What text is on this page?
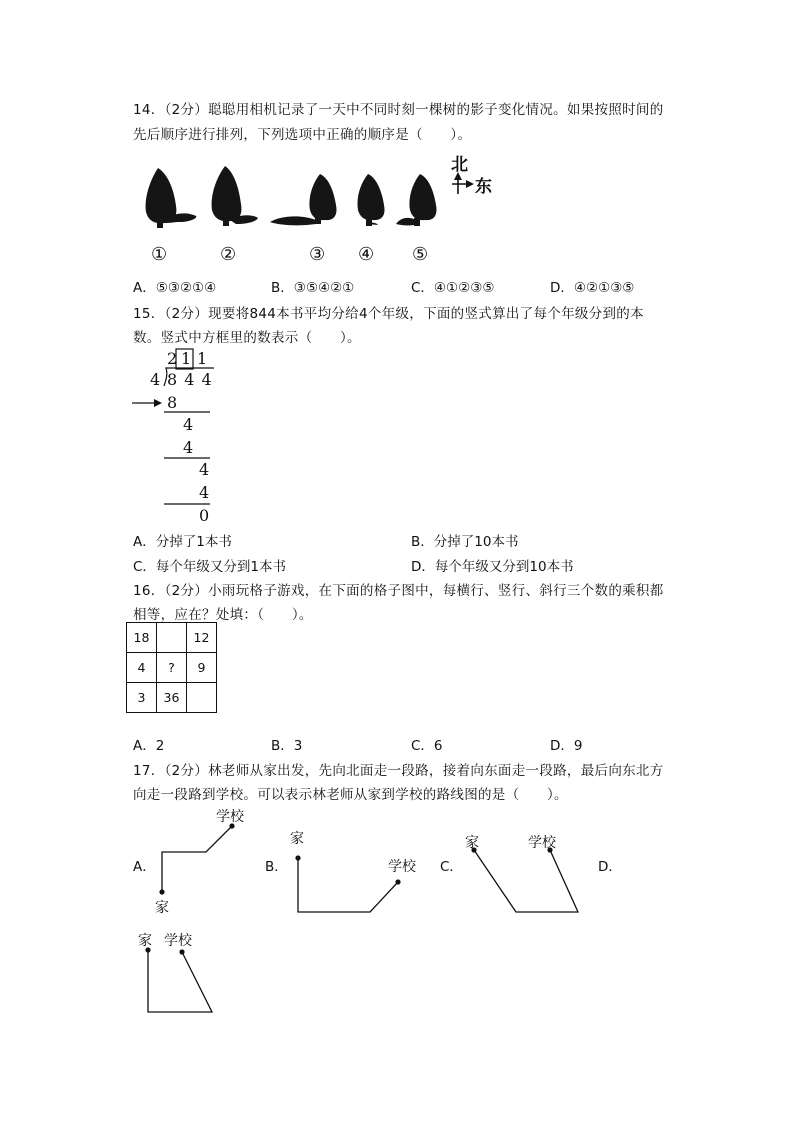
14．（2分）聪聪用相机记录了一天中不同时刻一棵树的影子变化情况。如果按照时间的
先后顺序进行排列，下列选项中正确的顺序是（　　）。
北
东
①	②	③ ④ ⑤
A．⑤③②①④	B．③⑤④②①	C．④①②③⑤	D．④②①③⑤
15．（2分）现要将844本书平均分给4个年级，下面的竖式算出了每个年级分到的本
数。竖式中方框里的数表示（　　）。
2 1 1
4 8 4 4
8
4
4
4
4
0
A．分掉了1本书	B．分掉了10本书
C．每个年级又分到1本书	D．每个年级又分到10本书
16．（2分）小雨玩格子游戏，在下面的格子图中，每横行、竖行、斜行三个数的乘积都
相等，应在？处填：（　　）。
18		12
4	?	9
3	36	
A．2	B．3	C．6	D．9
17．（2分）林老师从家出发，先向北面走一段路，接着向东面走一段路，最后向东北方
向走一段路到学校。可以表示林老师从家到学校的路线图的是（　　）。
A．
学校
家
B．
家
学校 C．
家	学校
D．
家 学校
